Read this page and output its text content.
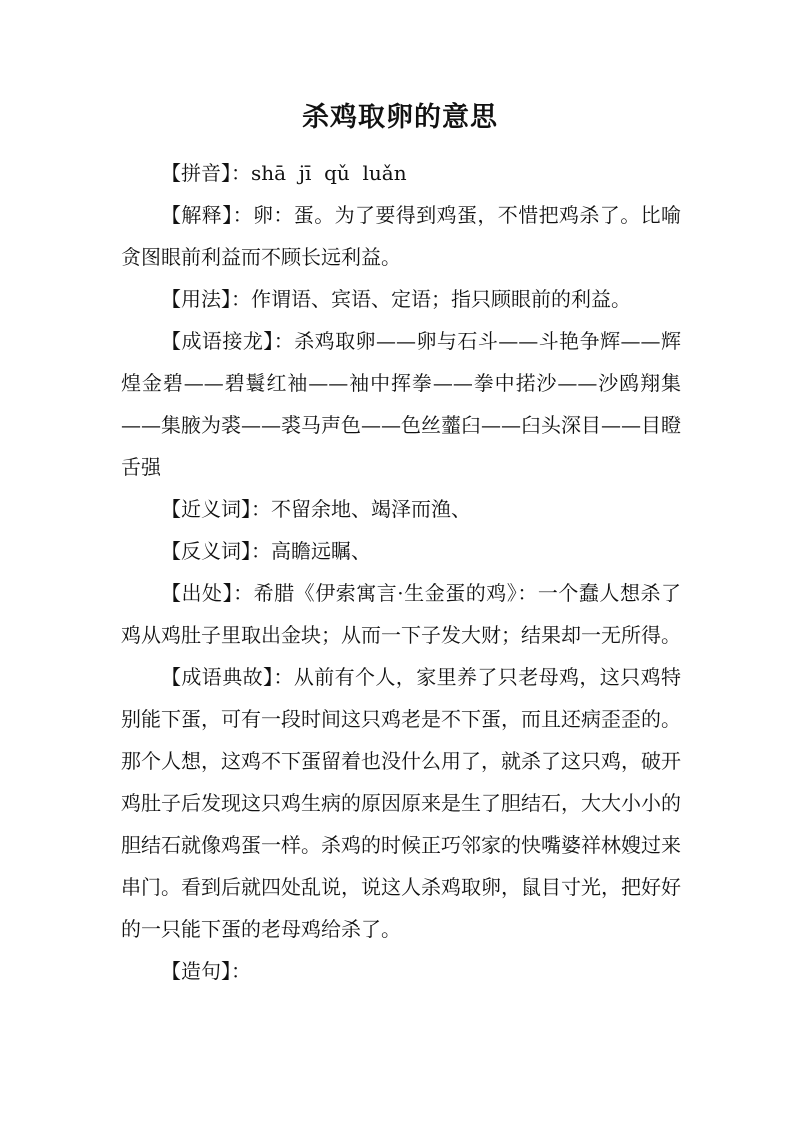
杀鸡取卵的意思

【拼音】：shā  jī  qǔ  luǎn

【解释】：卵：蛋。为了要得到鸡蛋，不惜把鸡杀了。比喻贪图眼前利益而不顾长远利益。

【用法】：作谓语、宾语、定语；指只顾眼前的利益。

【成语接龙】：杀鸡取卵——卵与石斗——斗艳争辉——辉煌金碧——碧鬟红袖——袖中挥拳——拳中掿沙——沙鸥翔集——集腋为裘——裘马声色——色丝虀臼——臼头深目——目瞪舌强

【近义词】：不留余地、竭泽而渔、

【反义词】：高瞻远瞩、

【出处】：希腊《伊索寓言·生金蛋的鸡》：一个蠢人想杀了鸡从鸡肚子里取出金块；从而一下子发大财；结果却一无所得。

【成语典故】：从前有个人，家里养了只老母鸡，这只鸡特别能下蛋，可有一段时间这只鸡老是不下蛋，而且还病歪歪的。那个人想，这鸡不下蛋留着也没什么用了，就杀了这只鸡，破开鸡肚子后发现这只鸡生病的原因原来是生了胆结石，大大小小的胆结石就像鸡蛋一样。杀鸡的时候正巧邻家的快嘴婆祥林嫂过来串门。看到后就四处乱说，说这人杀鸡取卵，鼠目寸光，把好好的一只能下蛋的老母鸡给杀了。

【造句】：
